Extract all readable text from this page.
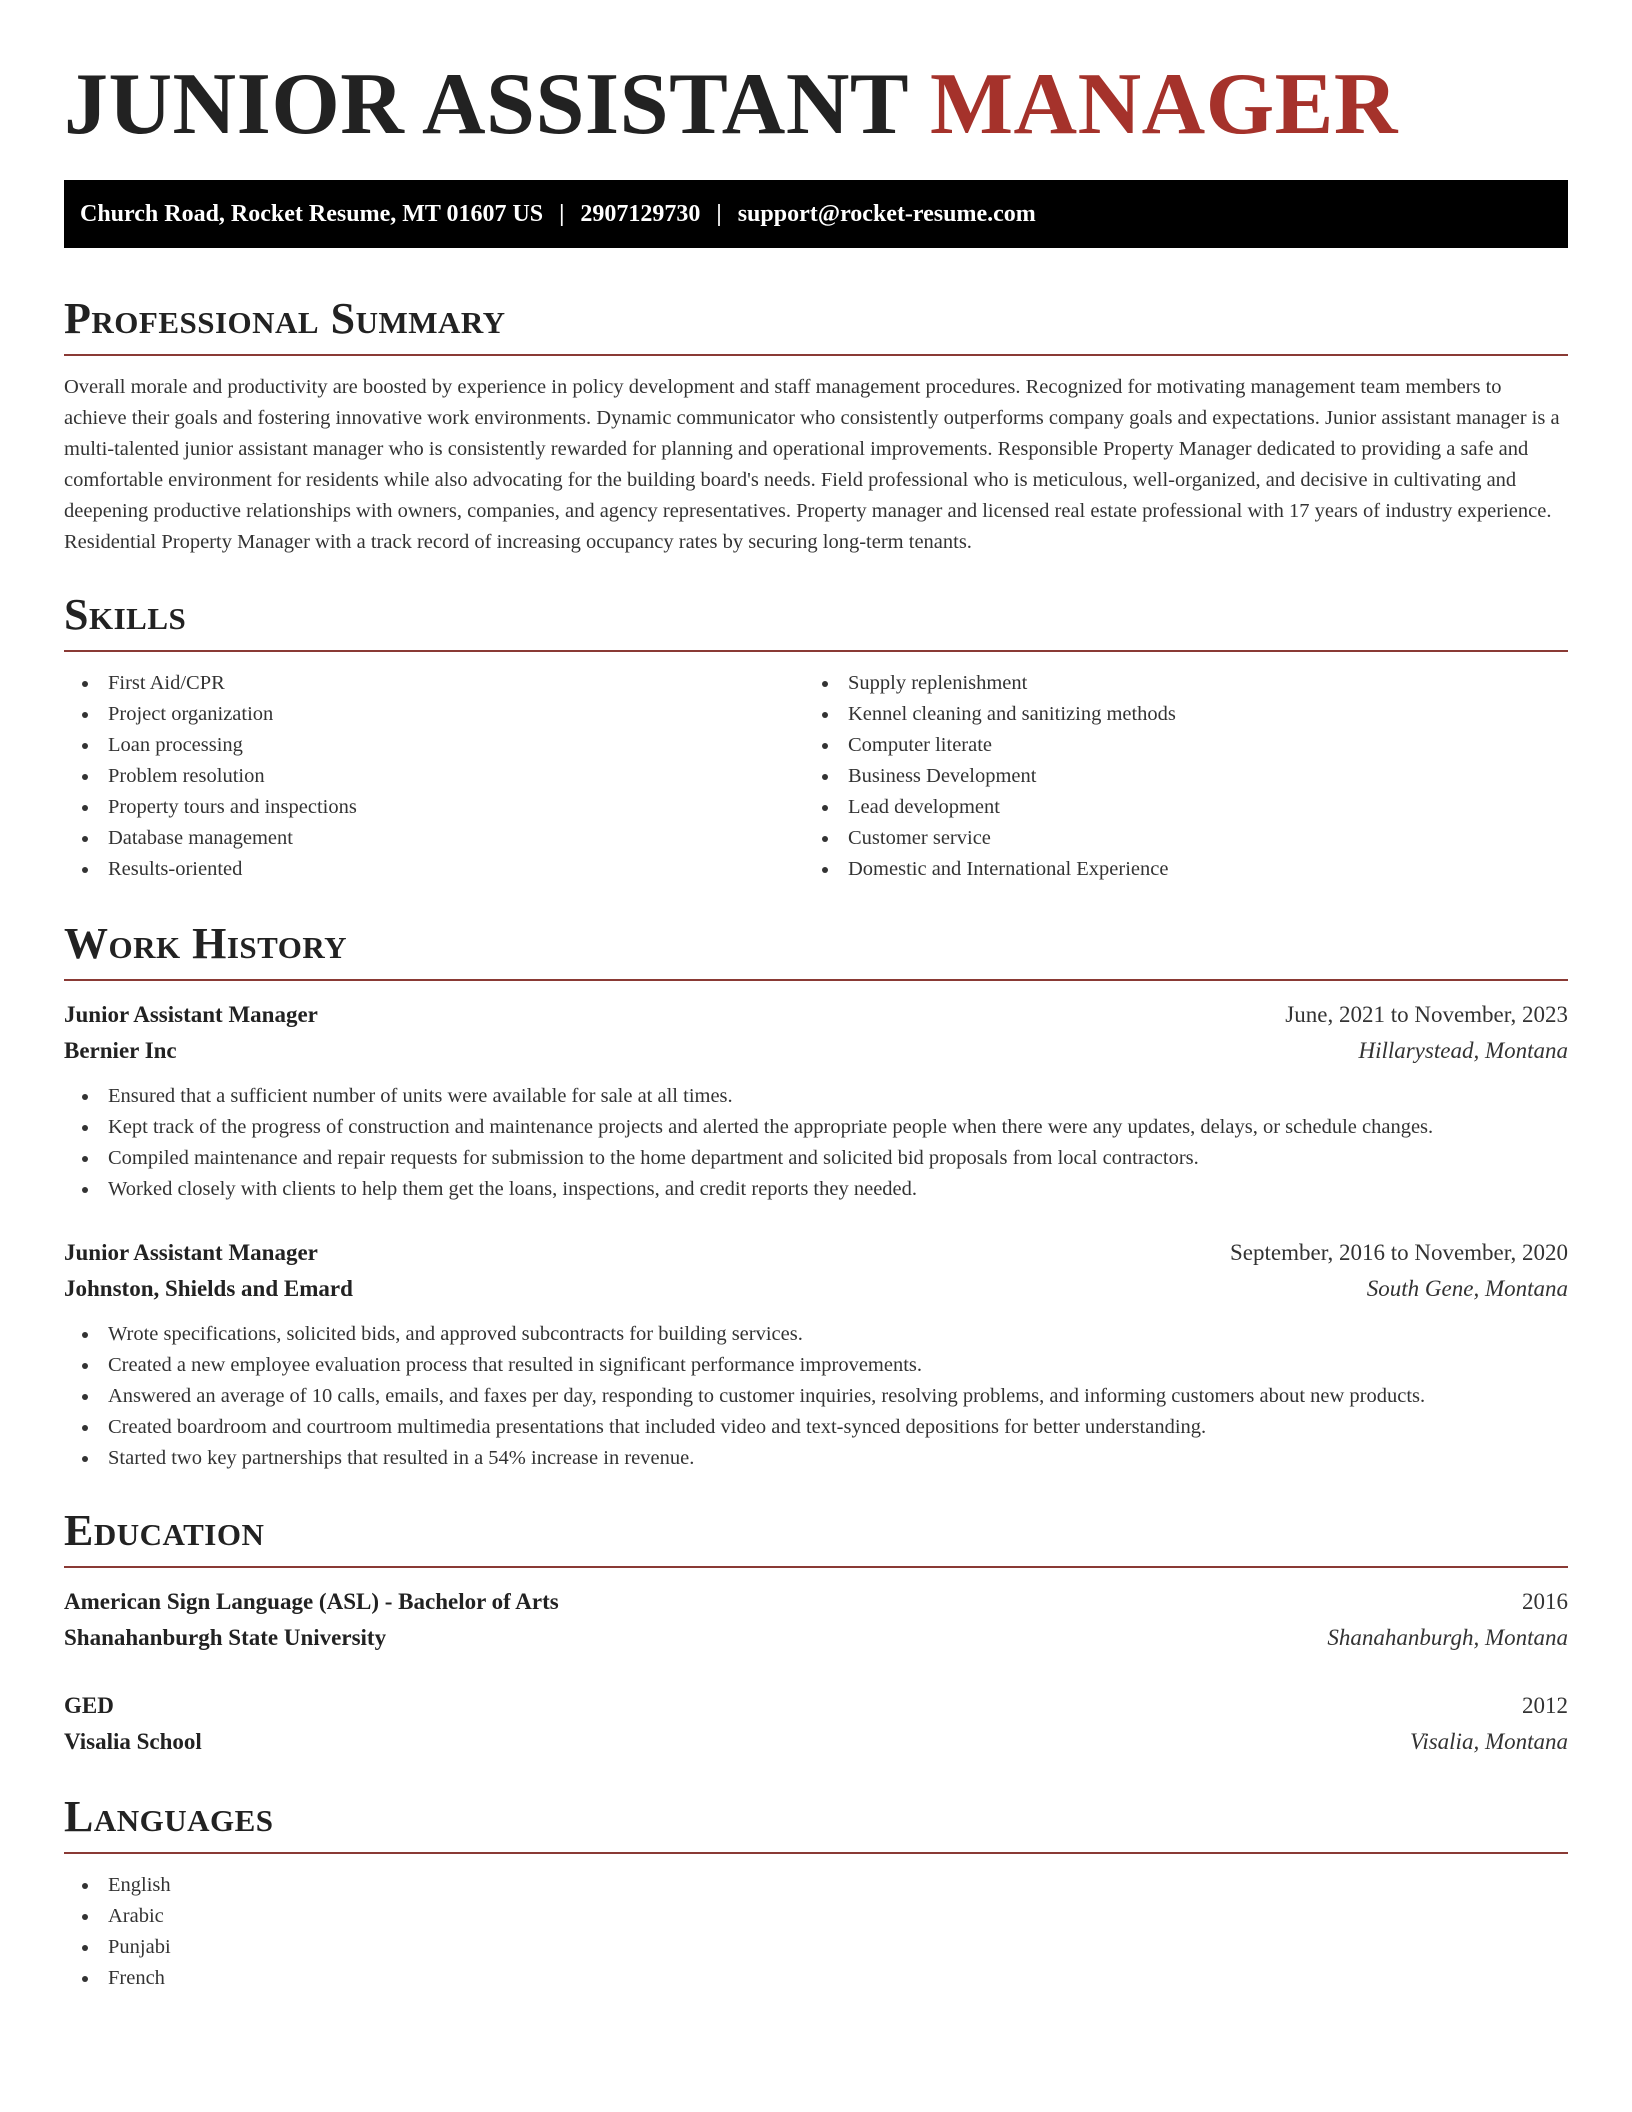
JUNIOR ASSISTANT MANAGER
Church Road, Rocket Resume, MT 01607 US | 2907129730 | support@rocket-resume.com
Professional Summary

Overall morale and productivity are boosted by experience in policy development and staff management procedures. Recognized for motivating management team members to achieve their goals and fostering innovative work environments. Dynamic communicator who consistently outperforms company goals and expectations. Junior assistant manager is a multi-talented junior assistant manager who is consistently rewarded for planning and operational improvements. Responsible Property Manager dedicated to providing a safe and comfortable environment for residents while also advocating for the building board's needs. Field professional who is meticulous, well-organized, and decisive in cultivating and deepening productive relationships with owners, companies, and agency representatives. Property manager and licensed real estate professional with 17 years of industry experience. Residential Property Manager with a track record of increasing occupancy rates by securing long-term tenants.

Skills
First Aid/CPR
Project organization
Loan processing
Problem resolution
Property tours and inspections
Database management
Results-oriented
Supply replenishment
Kennel cleaning and sanitizing methods
Computer literate
Business Development
Lead development
Customer service
Domestic and International Experience
Work History
Junior Assistant Manager	June, 2021 to November, 2023
Bernier Inc	Hillarystead, Montana
Ensured that a sufficient number of units were available for sale at all times.
Kept track of the progress of construction and maintenance projects and alerted the appropriate people when there were any updates, delays, or schedule changes.
Compiled maintenance and repair requests for submission to the home department and solicited bid proposals from local contractors.
Worked closely with clients to help them get the loans, inspections, and credit reports they needed.
Junior Assistant Manager	September, 2016 to November, 2020
Johnston, Shields and Emard	South Gene, Montana
Wrote specifications, solicited bids, and approved subcontracts for building services.
Created a new employee evaluation process that resulted in significant performance improvements.
Answered an average of 10 calls, emails, and faxes per day, responding to customer inquiries, resolving problems, and informing customers about new products.
Created boardroom and courtroom multimedia presentations that included video and text-synced depositions for better understanding.
Started two key partnerships that resulted in a 54% increase in revenue.
Education
American Sign Language (ASL) - Bachelor of Arts	2016
Shanahanburgh State University	Shanahanburgh, Montana
GED	2012
Visalia School	Visalia, Montana
Languages
English
Arabic
Punjabi
French
